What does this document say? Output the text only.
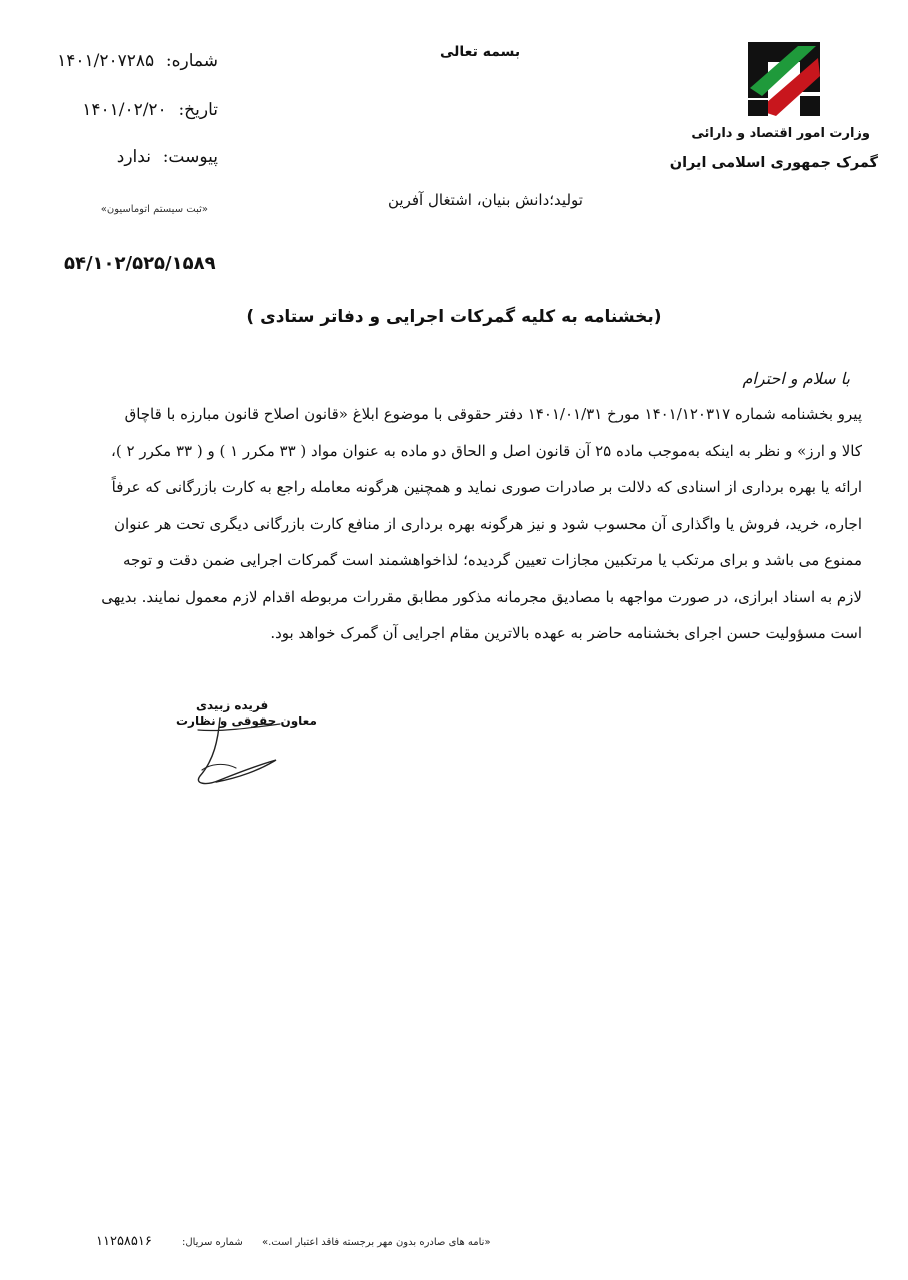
وزارت امور اقتصاد و دارائی
گمرک جمهوری اسلامی ایران
بسمه تعالی
تولید؛دانش بنیان، اشتغال آفرین
شماره: ۱۴۰۱/۲۰۷۲۸۵
تاریخ: ۱۴۰۱/۰۲/۲۰
پیوست: ندارد
«ثبت سیستم اتوماسیون»
۵۴/۱۰۲/۵۲۵/۱۵۸۹
(بخشنامه به کلیه گمرکات اجرایی و دفاتر ستادی )
با سلام و احترام
پیرو بخشنامه شماره ۱۴۰۱/۱۲۰۳۱۷ مورخ ۱۴۰۱/۰۱/۳۱ دفتر حقوقی با موضوع ابلاغ «قانون اصلاح قانون مبارزه با قاچاق
کالا و ارز» و نظر به اینکه به‌موجب ماده ۲۵ آن قانون اصل و الحاق دو ماده به عنوان مواد ( ۳۳ مکرر ۱ ) و ( ۳۳ مکرر ۲ )،
ارائه یا بهره برداری از اسنادی که دلالت بر صادرات صوری نماید و همچنین هرگونه معامله راجع به کارت بازرگانی که عرفاً
اجاره، خرید، فروش یا واگذاری آن محسوب شود و نیز هرگونه بهره برداری از منافع کارت بازرگانی دیگری تحت هر عنوان
ممنوع می باشد و برای مرتکب یا مرتکبین مجازات تعیین گردیده؛ لذاخواهشمند است گمرکات اجرایی ضمن دقت و توجه
لازم به اسناد ابرازی، در صورت مواجهه با مصادیق مجرمانه مذکور مطابق مقررات مربوطه اقدام لازم معمول نمایند. بدیهی
است مسؤولیت حسن اجرای بخشنامه حاضر به عهده بالاترین مقام اجرایی آن گمرک خواهد بود.
فریده زبیدی
معاون حقوقی و نظارت
«نامه های صادره بدون مهر برجسته فاقد اعتبار است.»
شماره سریال:
۱۱۲۵۸۵۱۶
